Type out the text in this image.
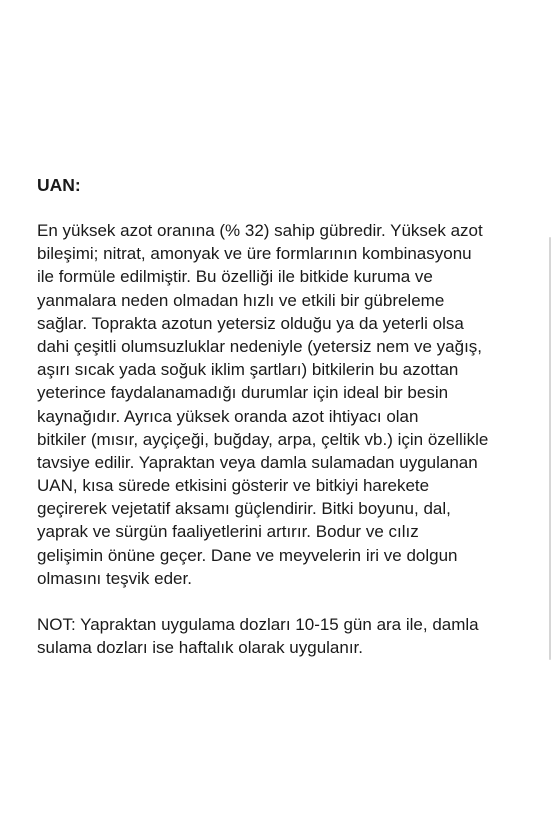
UAN:
En yüksek azot oranına (% 32) sahip gübredir. Yüksek azot
bileşimi; nitrat, amonyak ve üre formlarının kombinasyonu
ile formüle edilmiştir. Bu özelliği ile bitkide kuruma ve
yanmalara neden olmadan hızlı ve etkili bir gübreleme
sağlar. Toprakta azotun yetersiz olduğu ya da yeterli olsa
dahi çeşitli olumsuzluklar nedeniyle (yetersiz nem ve yağış,
aşırı sıcak yada soğuk iklim şartları) bitkilerin bu azottan
yeterince faydalanamadığı durumlar için ideal bir besin
kaynağıdır. Ayrıca yüksek oranda azot ihtiyacı olan
bitkiler (mısır, ayçiçeği, buğday, arpa, çeltik vb.) için özellikle
tavsiye edilir. Yapraktan veya damla sulamadan uygulanan
UAN, kısa sürede etkisini gösterir ve bitkiyi harekete
geçirerek vejetatif aksamı güçlendirir. Bitki boyunu, dal,
yaprak ve sürgün faaliyetlerini artırır. Bodur ve cılız
gelişimin önüne geçer. Dane ve meyvelerin iri ve dolgun
olmasını teşvik eder.
NOT: Yapraktan uygulama dozları 10-15 gün ara ile, damla
sulama dozları ise haftalık olarak uygulanır.
